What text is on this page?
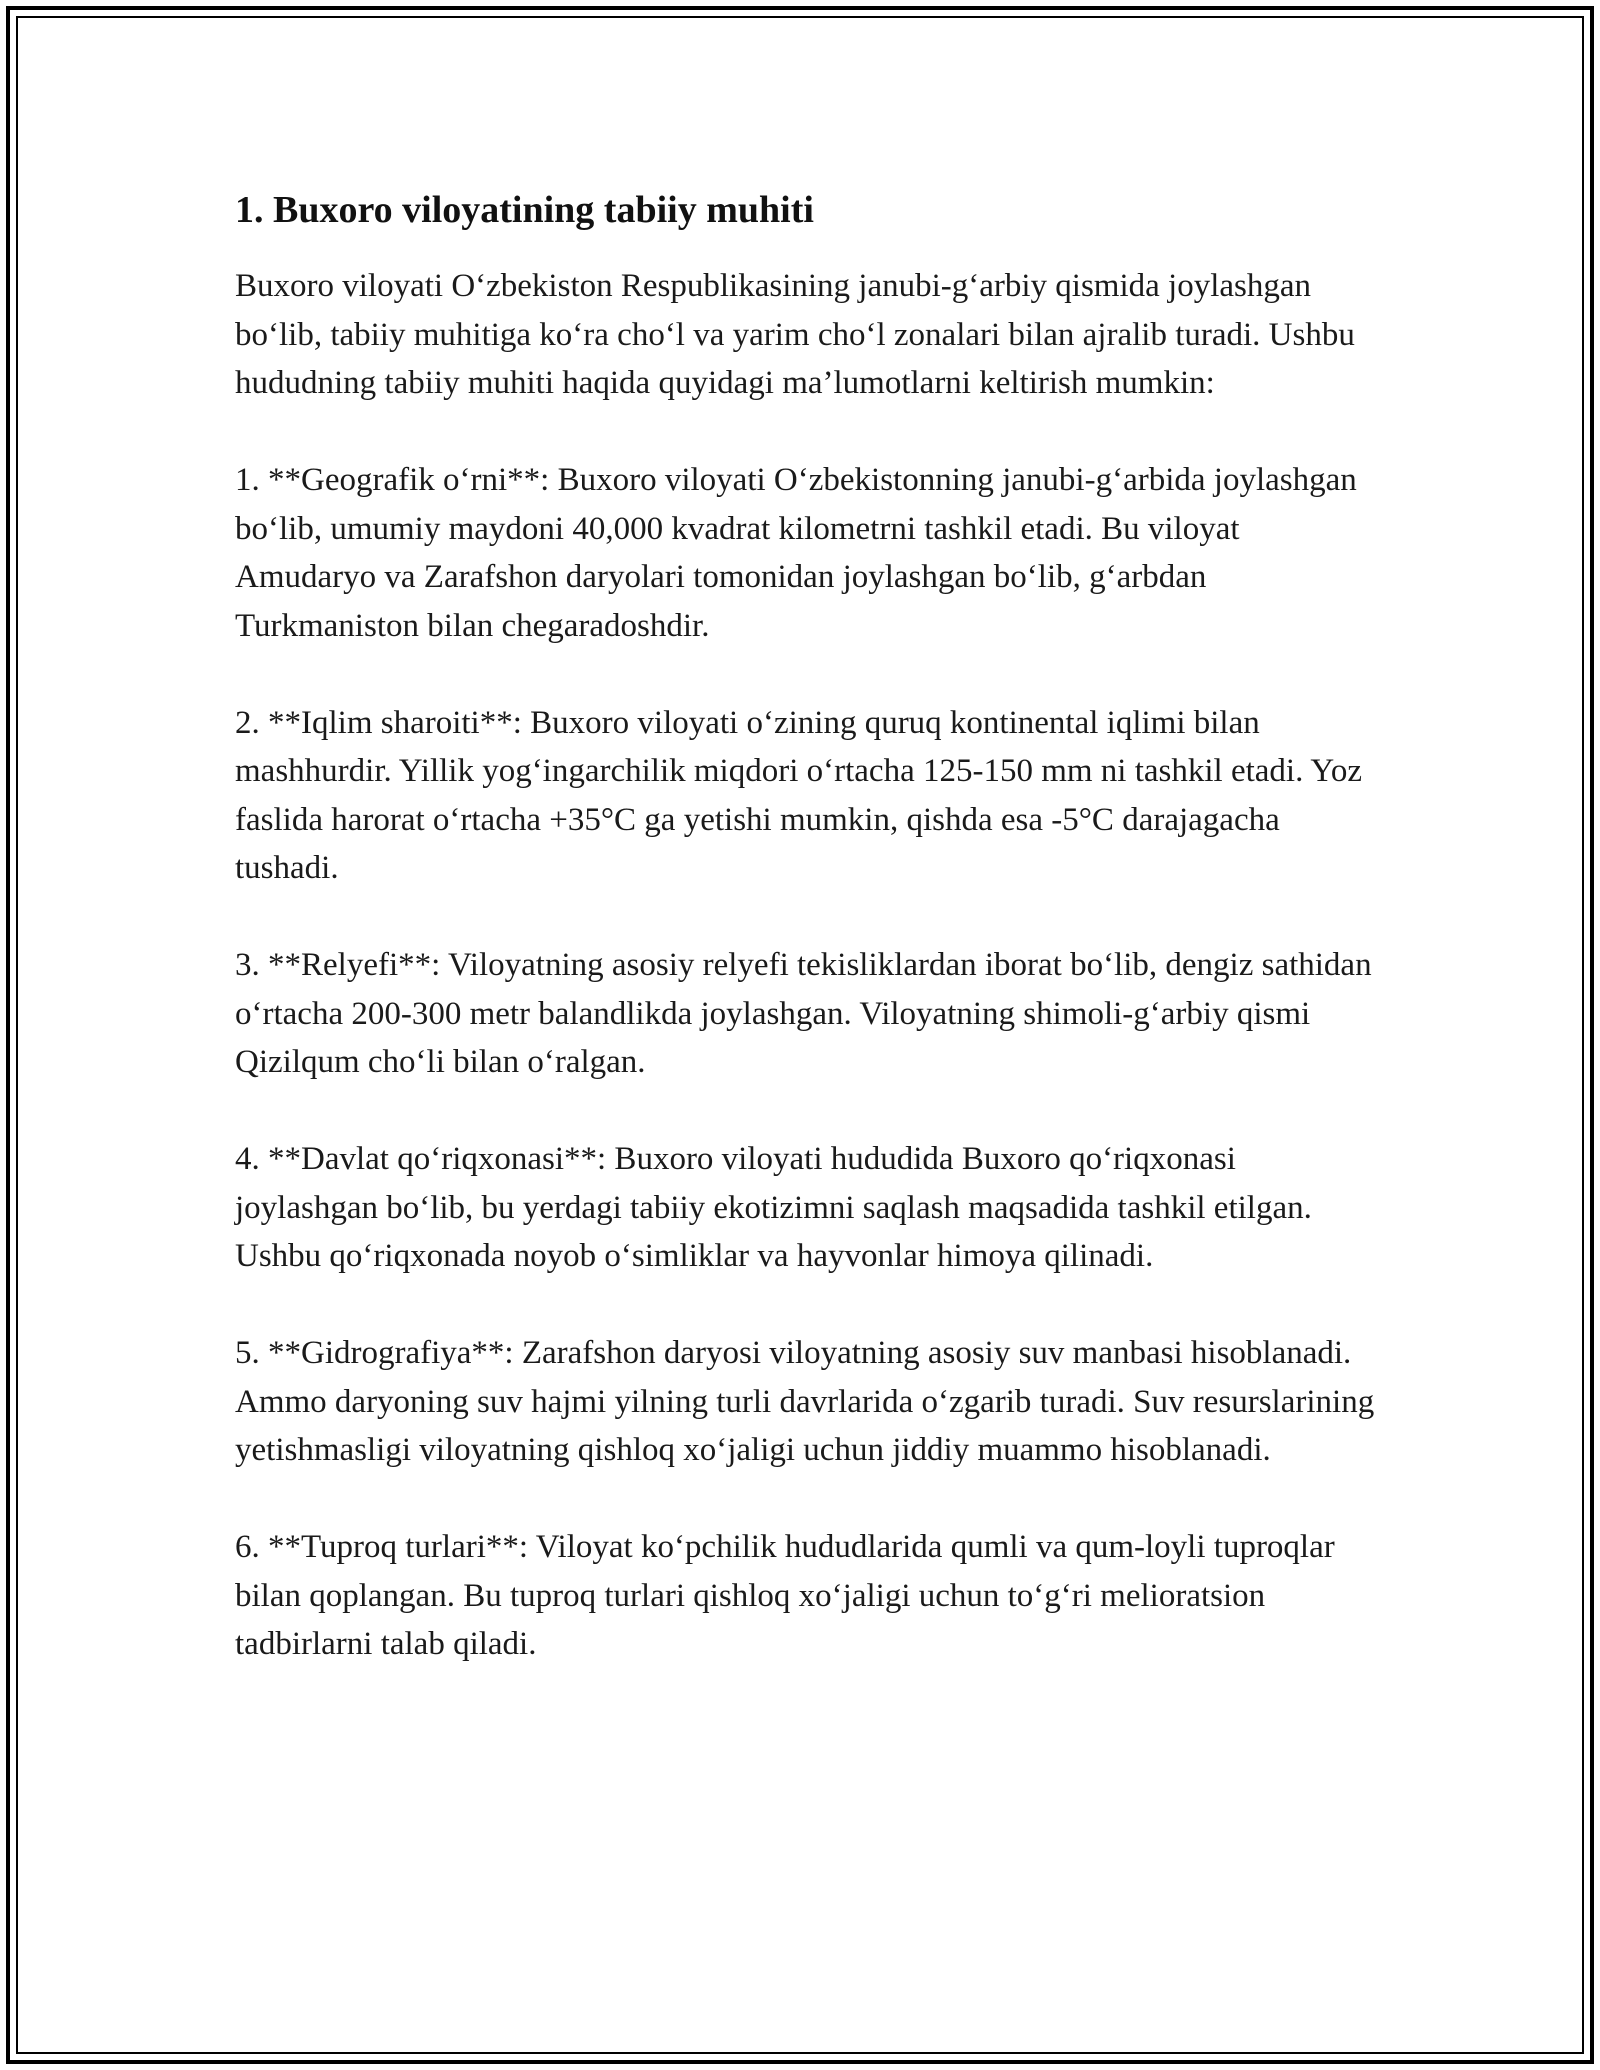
1. Buxoro viloyatining tabiiy muhiti

Buxoro viloyati O‘zbekiston Respublikasining janubi-g‘arbiy qismida joylashgan bo‘lib, tabiiy muhitiga ko‘ra cho‘l va yarim cho‘l zonalari bilan ajralib turadi. Ushbu hududning tabiiy muhiti haqida quyidagi ma’lumotlarni keltirish mumkin:

1. **Geografik o‘rni**: Buxoro viloyati O‘zbekistonning janubi-g‘arbida joylashgan bo‘lib, umumiy maydoni 40,000 kvadrat kilometrni tashkil etadi. Bu viloyat Amudaryo va Zarafshon daryolari tomonidan joylashgan bo‘lib, g‘arbdan Turkmaniston bilan chegaradoshdir.

2. **Iqlim sharoiti**: Buxoro viloyati o‘zining quruq kontinental iqlimi bilan mashhurdir. Yillik yog‘ingarchilik miqdori o‘rtacha 125-150 mm ni tashkil etadi. Yoz faslida harorat o‘rtacha +35°C ga yetishi mumkin, qishda esa -5°C darajagacha tushadi.

3. **Relyefi**: Viloyatning asosiy relyefi tekisliklardan iborat bo‘lib, dengiz sathidan o‘rtacha 200-300 metr balandlikda joylashgan. Viloyatning shimoli-g‘arbiy qismi Qizilqum cho‘li bilan o‘ralgan.

4. **Davlat qo‘riqxonasi**: Buxoro viloyati hududida Buxoro qo‘riqxonasi joylashgan bo‘lib, bu yerdagi tabiiy ekotizimni saqlash maqsadida tashkil etilgan. Ushbu qo‘riqxonada noyob o‘simliklar va hayvonlar himoya qilinadi.

5. **Gidrografiya**: Zarafshon daryosi viloyatning asosiy suv manbasi hisoblanadi. Ammo daryoning suv hajmi yilning turli davrlarida o‘zgarib turadi. Suv resurslarining yetishmasligi viloyatning qishloq xo‘jaligi uchun jiddiy muammo hisoblanadi.

6. **Tuproq turlari**: Viloyat ko‘pchilik hududlarida qumli va qum-loyli tuproqlar bilan qoplangan. Bu tuproq turlari qishloq xo‘jaligi uchun to‘g‘ri melioratsion tadbirlarni talab qiladi.
